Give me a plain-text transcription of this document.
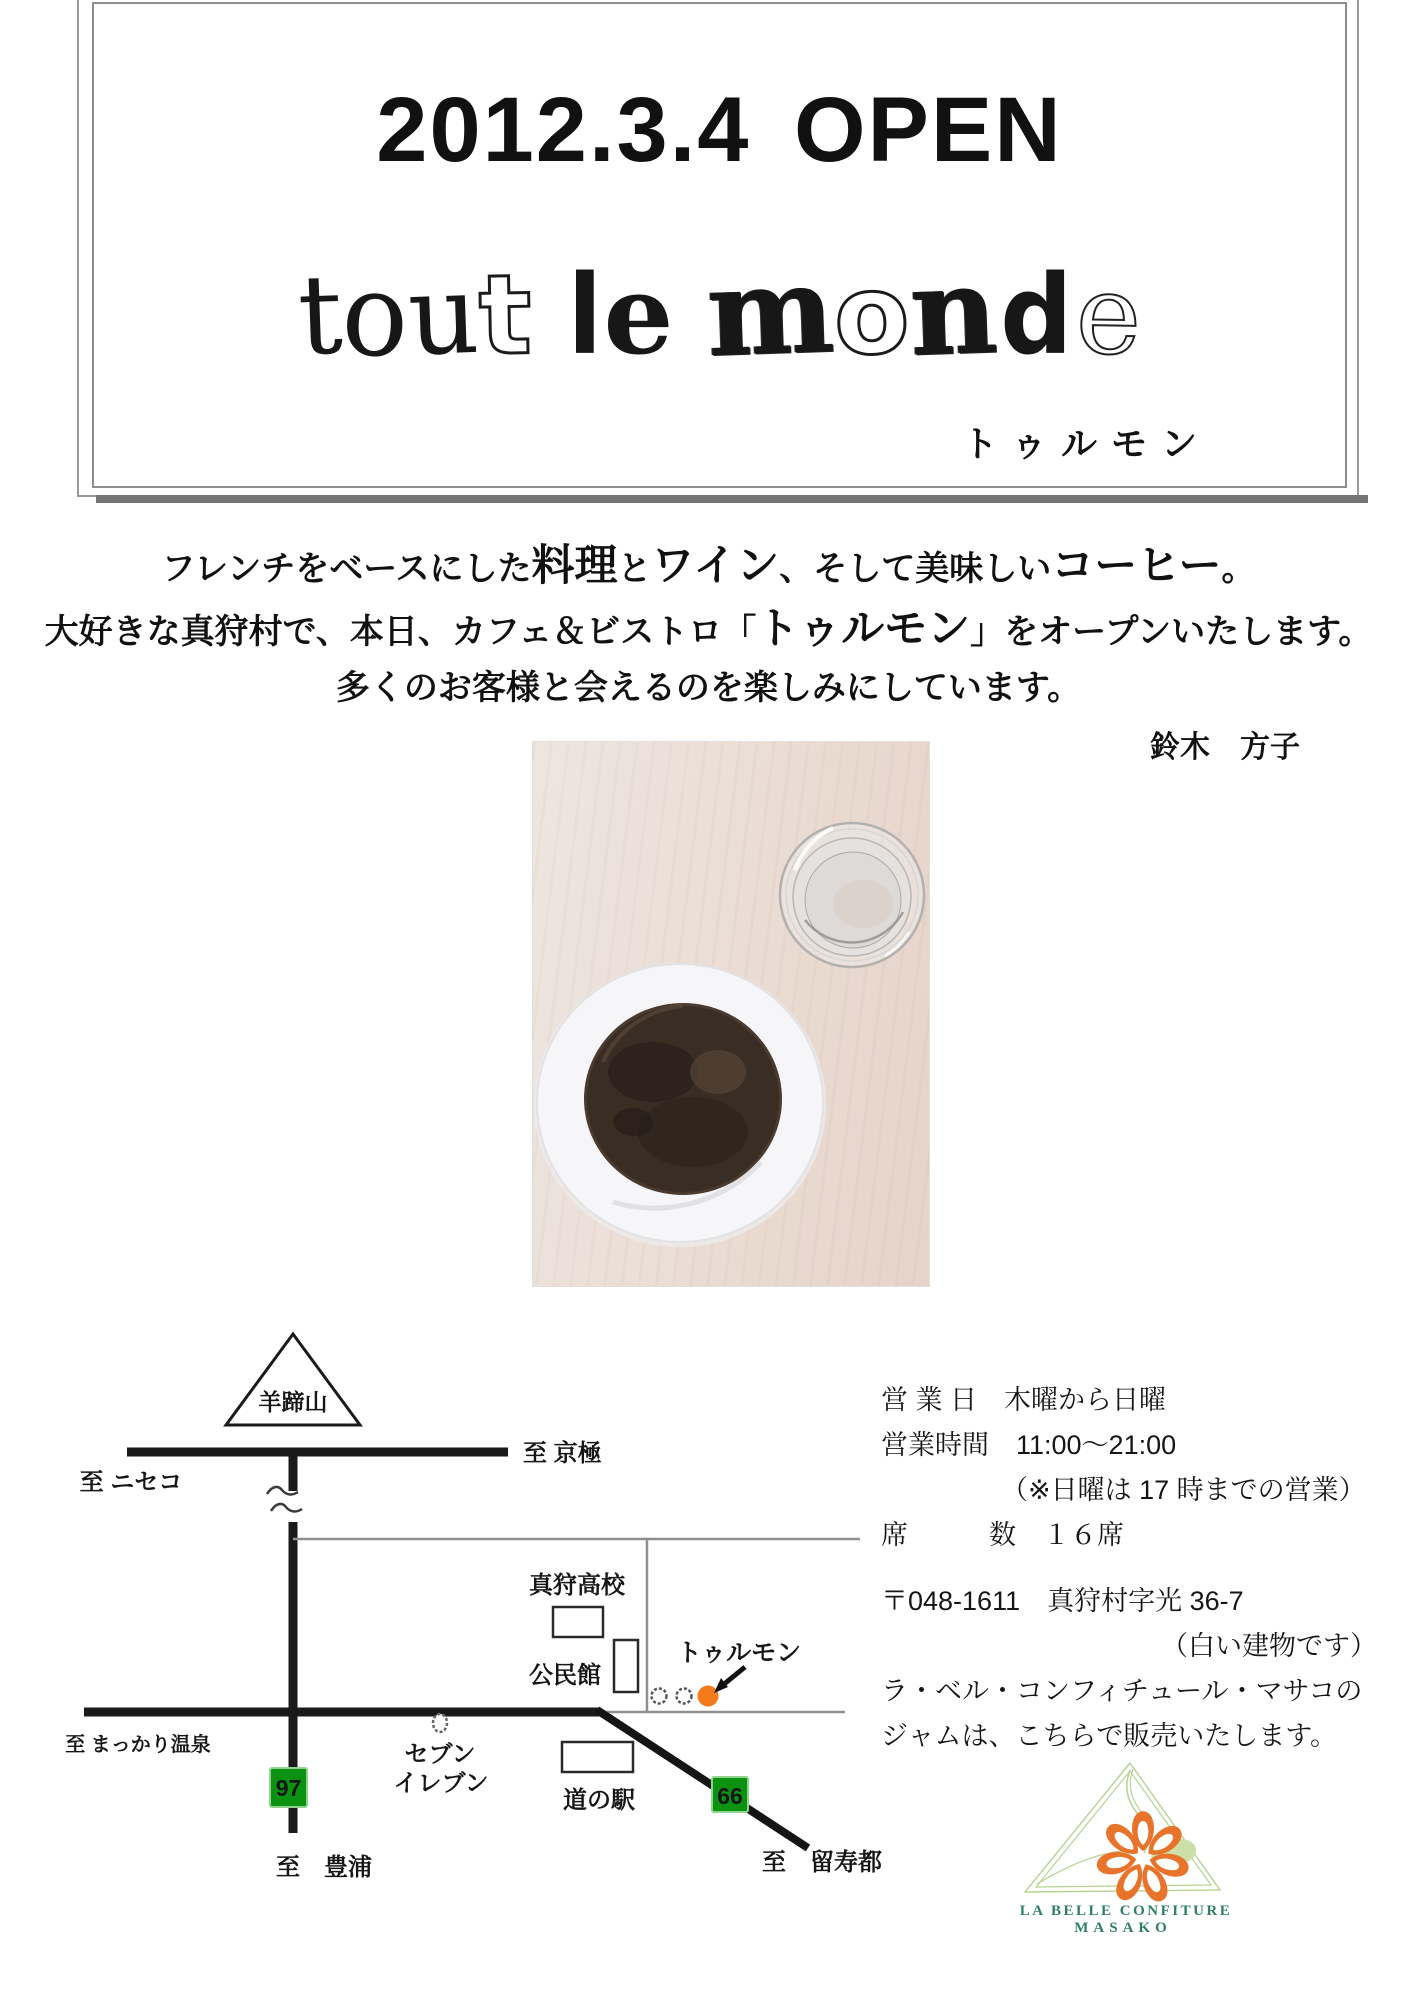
2012.3.4 OPEN
tout le monde
トゥルモン
フレンチをベースにした料理とワイン、そして美味しいコーヒー。
大好きな真狩村で、本日、カフェ＆ビストロ「トゥルモン」をオープンいたします。
多くのお客様と会えるのを楽しみにしています。
鈴木　方子
羊蹄山
至 京極
至 ニセコ
至 まっかり温泉
至　豊浦	至　留寿都
真狩高校
公民館
道の駅
セブン
イレブン
トゥルモン
97	66
営 業 日　木曜から日曜
営業時間　11:00〜21:00
（※日曜は 17 時までの営業）
席　　　数　１６席
〒048-1611　真狩村字光 36-7
（白い建物です）
ラ・ベル・コンフィチュール・マサコの
ジャムは、こちらで販売いたします。
LA BELLE CONFITURE
MASAKO
